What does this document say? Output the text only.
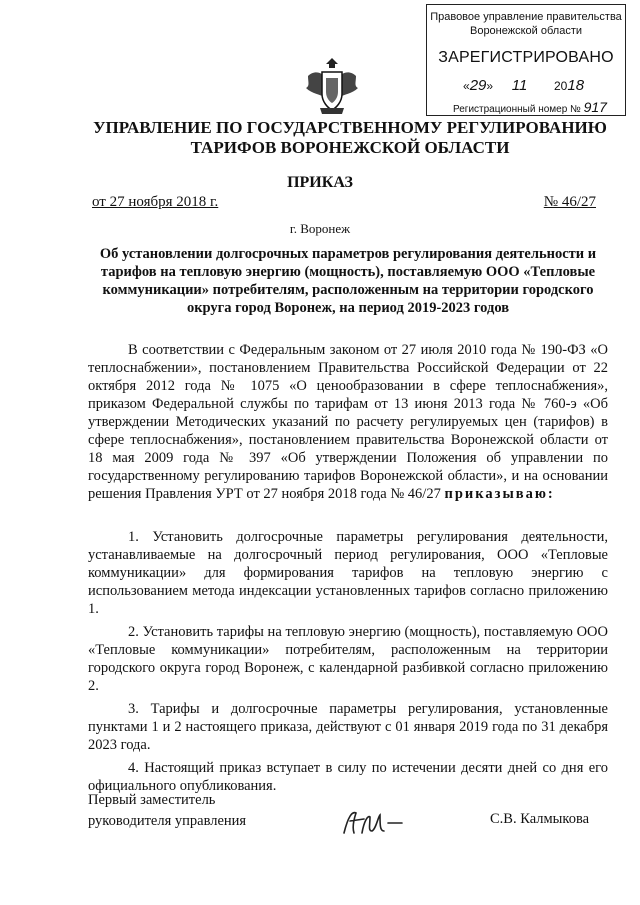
Правовое управление правительства
Воронежской области
ЗАРЕГИСТРИРОВАНО
«29»  11 2018
Регистрационный номер № 917
УПРАВЛЕНИЕ ПО ГОСУДАРСТВЕННОМУ РЕГУЛИРОВАНИЮ
ТАРИФОВ ВОРОНЕЖСКОЙ ОБЛАСТИ
ПРИКАЗ
от 27 ноября 2018 г.	№ 46/27
г. Воронеж
Об установлении долгосрочных параметров регулирования деятельности и тарифов на тепловую энергию (мощность), поставляемую ООО «Тепловые коммуникации» потребителям, расположенным на территории городского округа город Воронеж, на период 2019-2023 годов
В соответствии с Федеральным законом от 27 июля 2010 года № 190-ФЗ «О теплоснабжении», постановлением Правительства Российской Федерации от 22 октября 2012 года № 1075 «О ценообразовании в сфере теплоснабжения», приказом Федеральной службы по тарифам от 13 июня 2013 года № 760-э «Об утверждении Методических указаний по расчету регулируемых цен (тарифов) в сфере теплоснабжения», постановлением правительства Воронежской области от 18 мая 2009 года № 397 «Об утверждении Положения об управлении по государственному регулированию тарифов Воронежской области», и на основании решения Правления УРТ от 27 ноября 2018 года № 46/27 приказываю:

1. Установить долгосрочные параметры регулирования деятельности, устанавливаемые на долгосрочный период регулирования, ООО «Тепловые коммуникации» для формирования тарифов на тепловую энергию с использованием метода индексации установленных тарифов согласно приложению 1.

2. Установить тарифы на тепловую энергию (мощность), поставляемую ООО «Тепловые коммуникации» потребителям, расположенным на территории городского округа город Воронеж, с календарной разбивкой согласно приложению 2.

3. Тарифы и долгосрочные параметры регулирования, установленные пунктами 1 и 2 настоящего приказа, действуют с 01 января 2019 года по 31 декабря 2023 года.

4. Настоящий приказ вступает в силу по истечении десяти дней со дня его официального опубликования.

Первый заместитель
руководителя управления	С.В. Калмыкова
